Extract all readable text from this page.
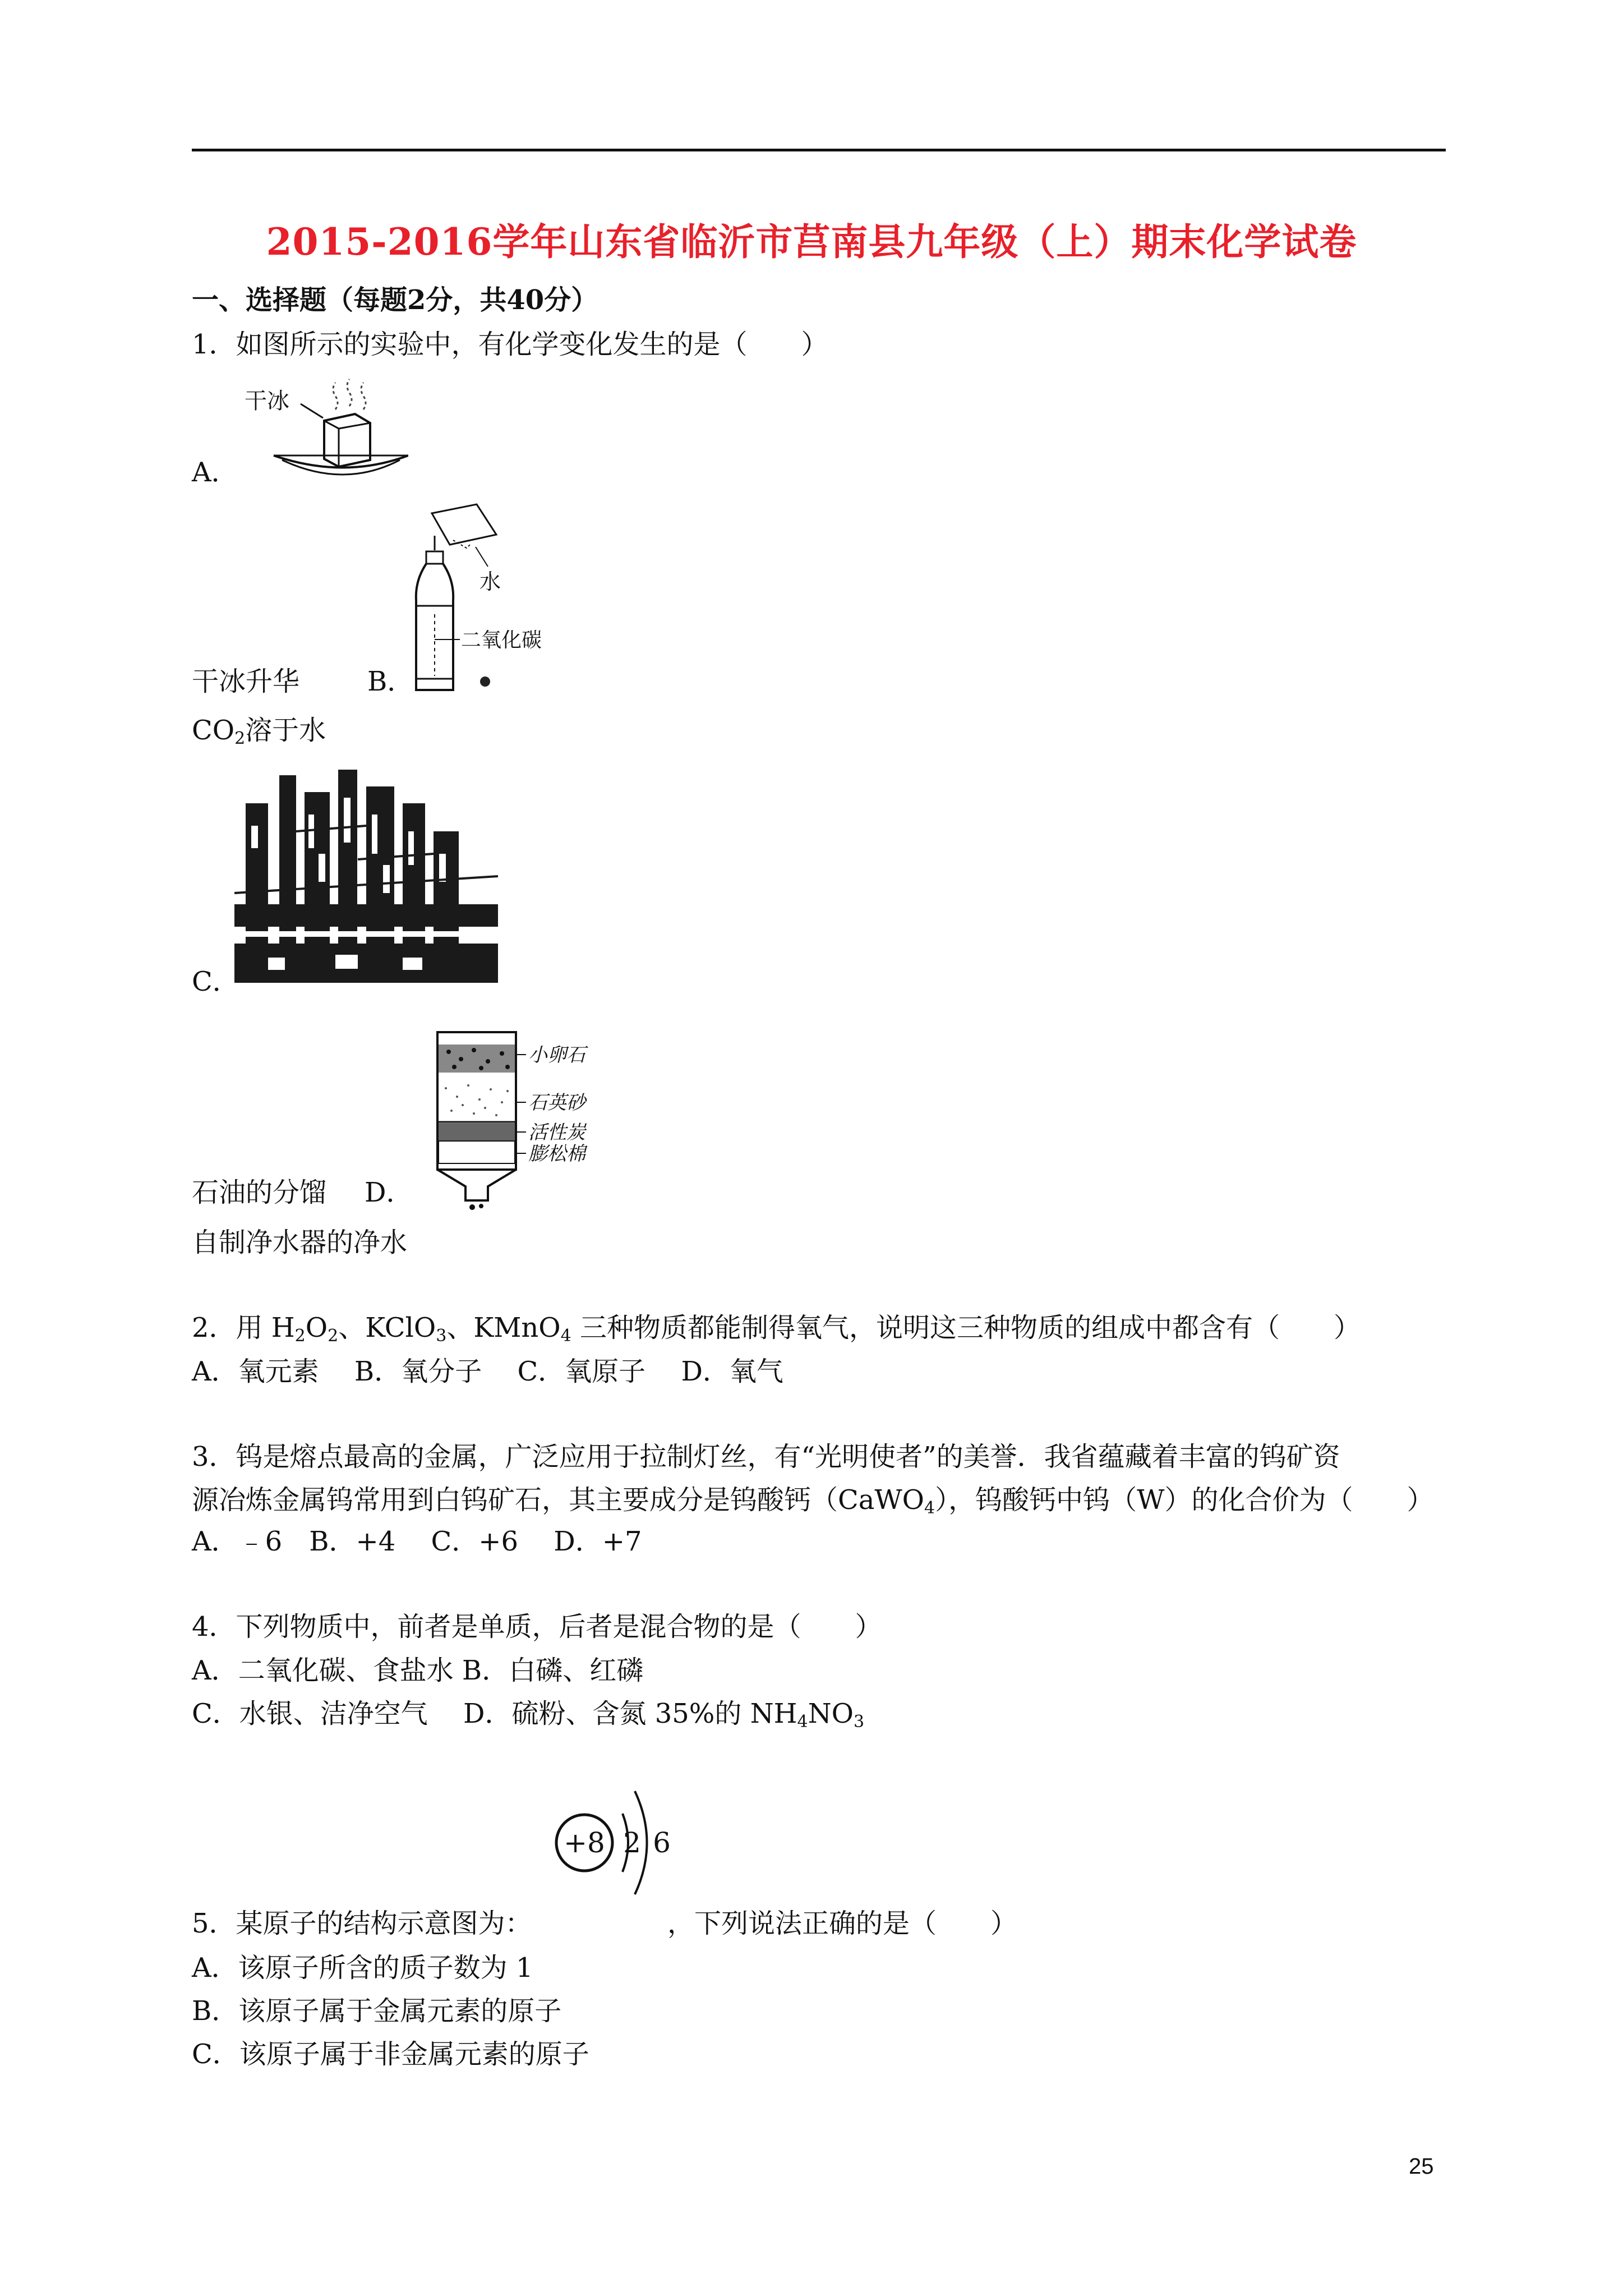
2015-2016学年山东省临沂市莒南县九年级（上）期末化学试卷
一、选择题（每题2分，共40分）
1．如图所示的实验中，有化学变化发生的是（　　）
干冰
A．
水
二氧化碳
干冰升华	B．
$CO_2$溶于水
C．
小卵石
石英砂
活性炭
膨松棉
石油的分馏 D．
自制净水器的净水
2．用 $H_2O_2$、KClO$_3$、KMnO$_4$ 三种物质都能制得氧气，说明这三种物质的组成中都含有（　　）
A．氧元素　 B．氧分子　 C．氧原子　 D．氧气
3．钨是熔点最高的金属，广泛应用于拉制灯丝，有“光明使者”的美誉．我省蕴藏着丰富的钨矿资
源冶炼金属钨常用到白钨矿石，其主要成分是钨酸钙（CaWO$_4$），钨酸钙中钨（W）的化合价为（　　）
A．﹣6　B．+4　 C．+6　 D．+7
4．下列物质中，前者是单质，后者是混合物的是（　　）
A．二氧化碳、食盐水 B．白磷、红磷
C．水银、洁净空气　 D．硫粉、含氮 35%的 $NH_4NO_3$
+8 2 6
5．某原子的结构示意图为：	，下列说法正确的是（　　）
A．该原子所含的质子数为 1
B．该原子属于金属元素的原子
C．该原子属于非金属元素的原子
25
